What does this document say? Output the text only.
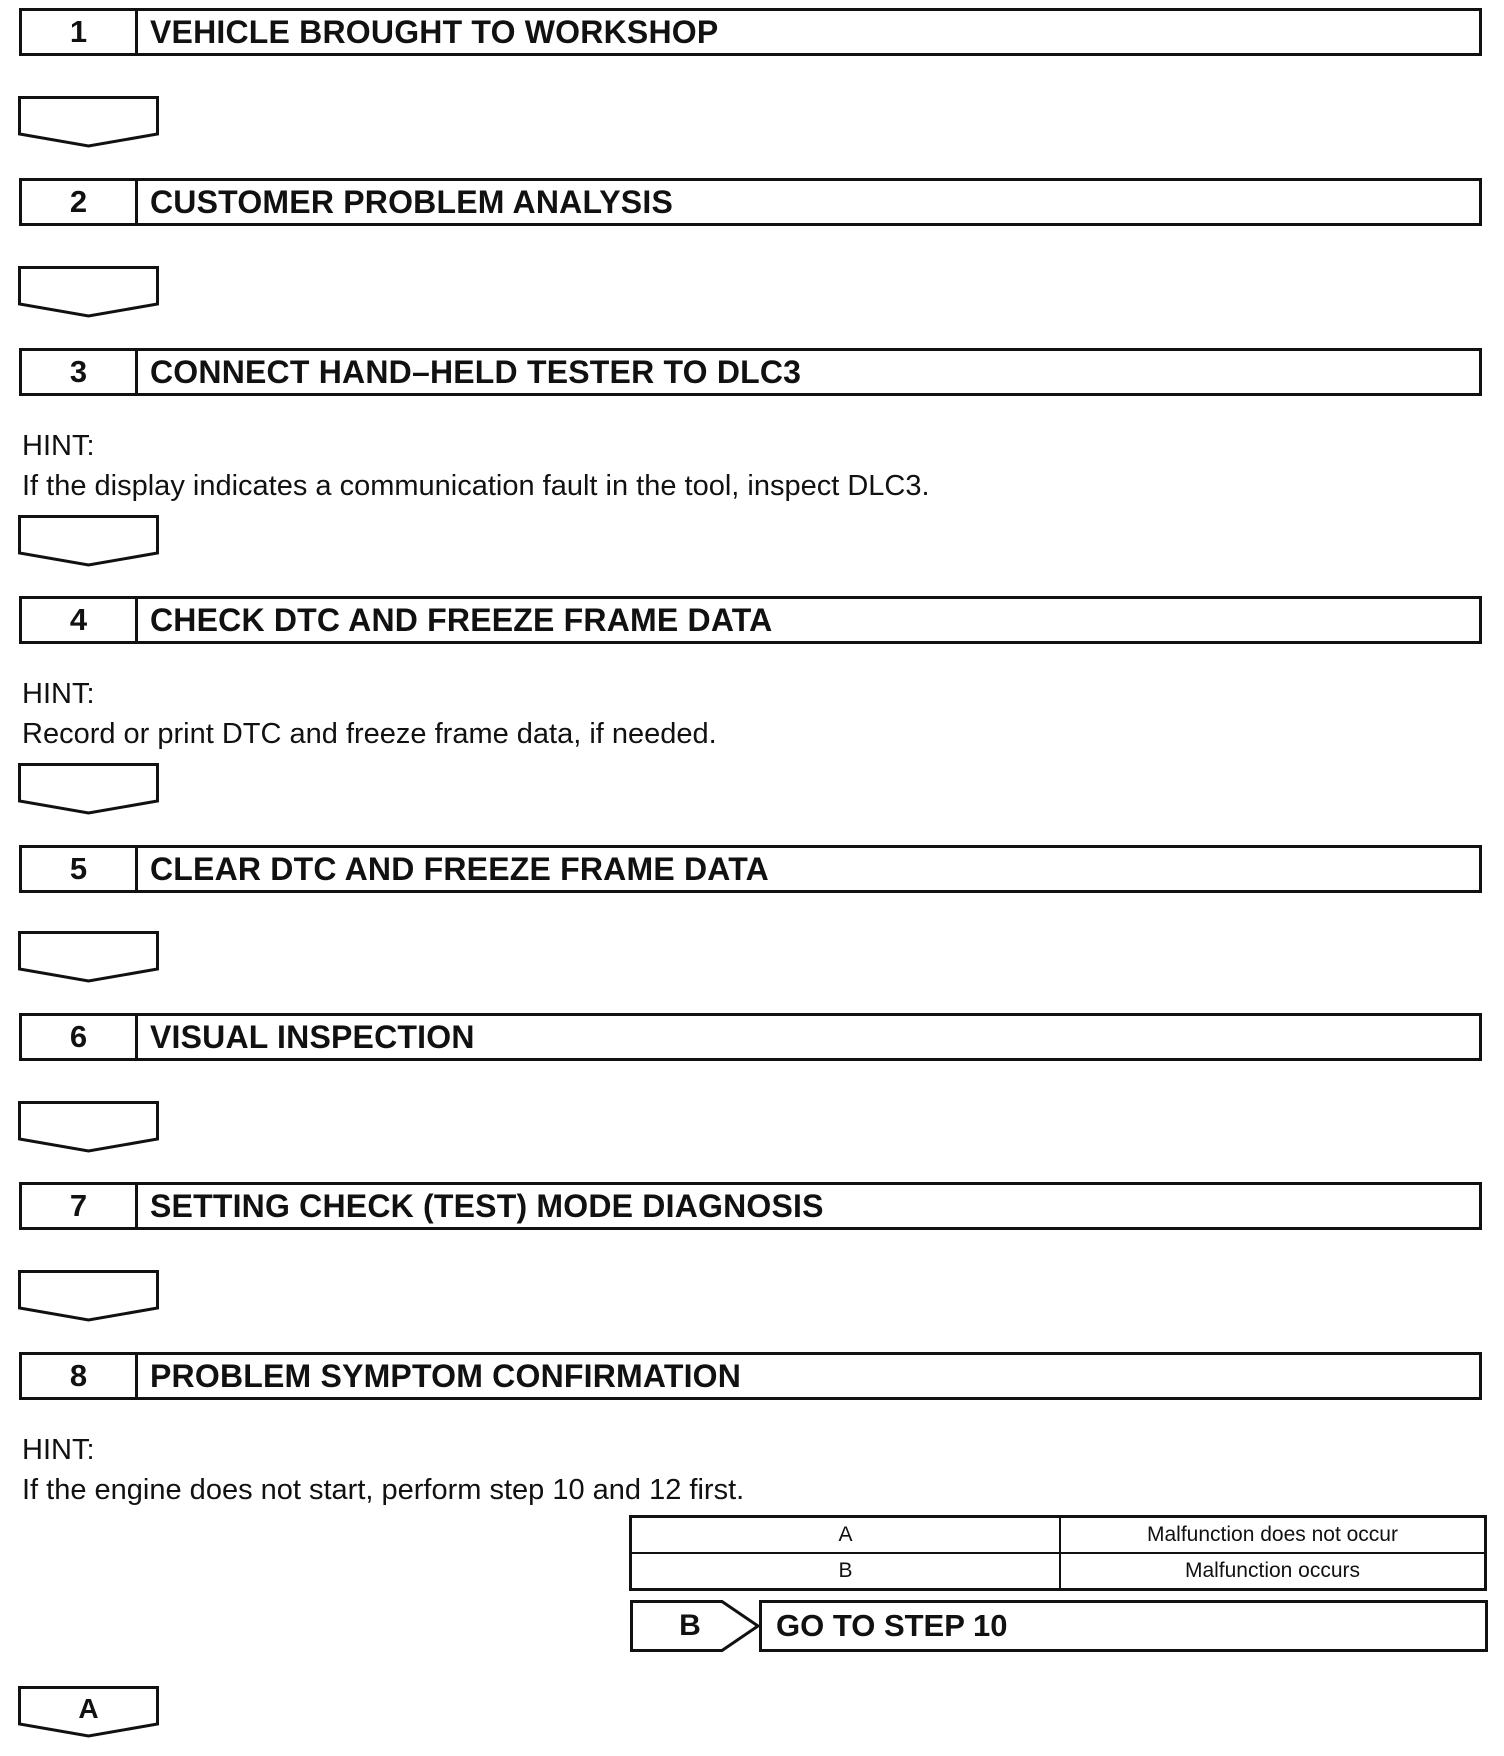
1	VEHICLE BROUGHT TO WORKSHOP
2	CUSTOMER PROBLEM ANALYSIS
3	CONNECT HAND–HELD TESTER TO DLC3
HINT:
If the display indicates a communication fault in the tool, inspect DLC3.
4	CHECK DTC AND FREEZE FRAME DATA
HINT:
Record or print DTC and freeze frame data, if needed.
5	CLEAR DTC AND FREEZE FRAME DATA
6	VISUAL INSPECTION
7	SETTING CHECK (TEST) MODE DIAGNOSIS
8	PROBLEM SYMPTOM CONFIRMATION
HINT:
If the engine does not start, perform step 10 and 12 first.
A	Malfunction does not occur
B	Malfunction occurs
B	GO TO STEP 10
A
